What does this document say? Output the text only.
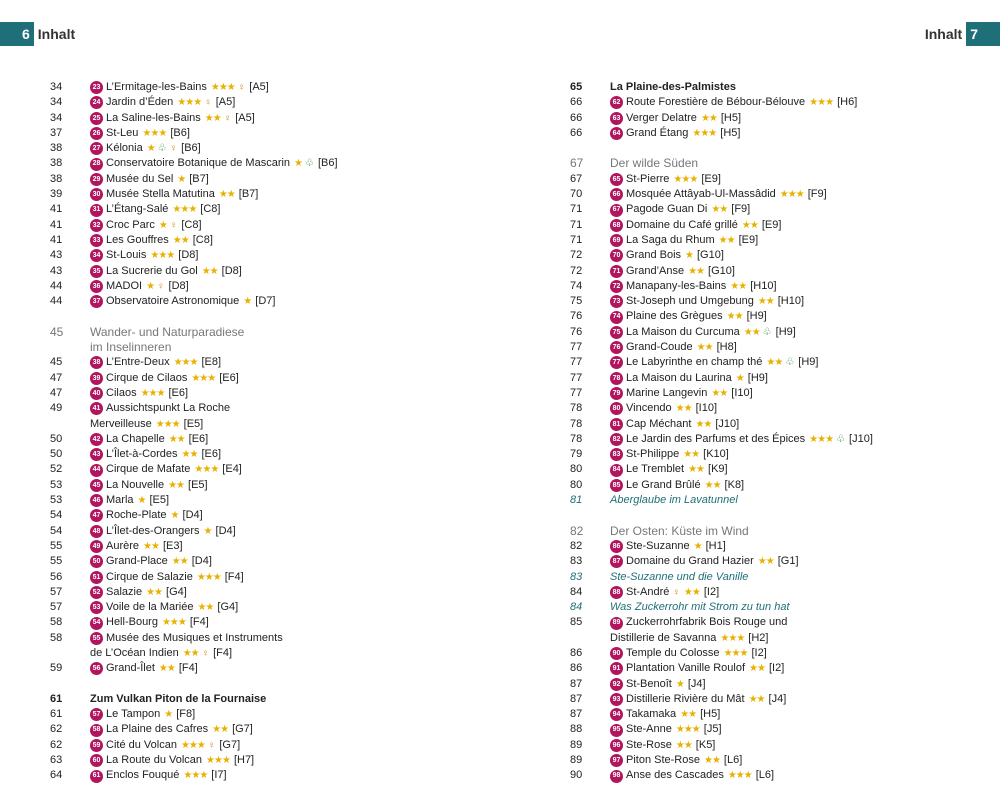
6 Inhalt	Inhalt 7
34	23 L’Ermitage-les-Bains ★★★ ♀ [A5]
34	24 Jardin d’Éden ★★★ ♀ [A5]
34	25 La Saline-les-Bains ★★ ♀ [A5]
37	26 St-Leu ★★★ [B6]
38	27 Kélonia ★ ♧ ♀ [B6]
38	28 Conservatoire Botanique de Mascarin ★ ♧ [B6]
38	29 Musée du Sel ★ [B7]
39	30 Musée Stella Matutina ★★ [B7]
41	31 L’Étang-Salé ★★★ [C8]
41	32 Croc Parc ★ ♀ [C8]
41	33 Les Gouffres ★★ [C8]
43	34 St-Louis ★★★ [D8]
43	35 La Sucrerie du Gol ★★ [D8]
44	36 MADOI ★ ♀ [D8]
44	37 Observatoire Astronomique ★ [D7]
45	Wander- und Naturparadiese
im Inselinneren
45	38 L’Entre-Deux ★★★ [E8]
47	39 Cirque de Cilaos ★★★ [E6]
47	40 Cilaos ★★★ [E6]
49	41 Aussichtspunkt La Roche
Merveilleuse ★★★ [E5]
50	42 La Chapelle ★★ [E6]
50	43 L’Îlet-à-Cordes ★★ [E6]
52	44 Cirque de Mafate ★★★ [E4]
53	45 La Nouvelle ★★ [E5]
53	46 Marla ★ [E5]
54	47 Roche-Plate ★ [D4]
54	48 L’Îlet-des-Orangers ★ [D4]
55	49 Aurère ★★ [E3]
55	50 Grand-Place ★★ [D4]
56	51 Cirque de Salazie ★★★ [F4]
57	52 Salazie ★★ [G4]
57	53 Voile de la Mariée ★★ [G4]
58	54 Hell-Bourg ★★★ [F4]
58	55 Musée des Musiques et Instruments
de L’Océan Indien ★★ ♀ [F4]
59	56 Grand-Îlet ★★ [F4]
61	Zum Vulkan Piton de la Fournaise
61	57 Le Tampon ★ [F8]
62	58 La Plaine des Cafres ★★ [G7]
62	59 Cité du Volcan ★★★ ♀ [G7]
63	60 La Route du Volcan ★★★ [H7]
64	61 Enclos Fouqué ★★★ [I7]
65	La Plaine-des-Palmistes
66	62 Route Forestière de Bébour-Bélouve ★★★ [H6]
66	63 Verger Delatre ★★ [H5]
66	64 Grand Étang ★★★ [H5]
67	Der wilde Süden
67	65 St-Pierre ★★★ [E9]
70	66 Mosquée Attâyab-Ul-Massâdid ★★★ [F9]
71	67 Pagode Guan Di ★★ [F9]
71	68 Domaine du Café grillé ★★ [E9]
71	69 La Saga du Rhum ★★ [E9]
72	70 Grand Bois ★ [G10]
72	71 Grand’Anse ★★ [G10]
74	72 Manapany-les-Bains ★★ [H10]
75	73 St-Joseph und Umgebung ★★ [H10]
76	74 Plaine des Grègues ★★ [H9]
76	75 La Maison du Curcuma ★★ ♧ [H9]
77	76 Grand-Coude ★★ [H8]
77	77 Le Labyrinthe en champ thé ★★ ♧ [H9]
77	78 La Maison du Laurina ★ [H9]
77	79 Marine Langevin ★★ [I10]
78	80 Vincendo ★★ [I10]
78	81 Cap Méchant ★★ [J10]
78	82 Le Jardin des Parfums et des Épices ★★★ ♧ [J10]
79	83 St-Philippe ★★ [K10]
80	84 Le Tremblet ★★ [K9]
80	85 Le Grand Brûlé ★★ [K8]
81	Aberglaube im Lavatunnel
82	Der Osten: Küste im Wind
82	86 Ste-Suzanne ★ [H1]
83	87 Domaine du Grand Hazier ★★ [G1]
83	Ste-Suzanne und die Vanille
84	88 St-André ♀ ★★ [I2]
84	Was Zuckerrohr mit Strom zu tun hat
85	89 Zuckerrohrfabrik Bois Rouge und
Distillerie de Savanna ★★★ [H2]
86	90 Temple du Colosse ★★★ [I2]
86	91 Plantation Vanille Roulof ★★ [I2]
87	92 St-Benoît ★ [J4]
87	93 Distillerie Rivière du Mât ★★ [J4]
87	94 Takamaka ★★ [H5]
88	95 Ste-Anne ★★★ [J5]
89	96 Ste-Rose ★★ [K5]
89	97 Piton Ste-Rose ★★ [L6]
90	98 Anse des Cascades ★★★ [L6]
